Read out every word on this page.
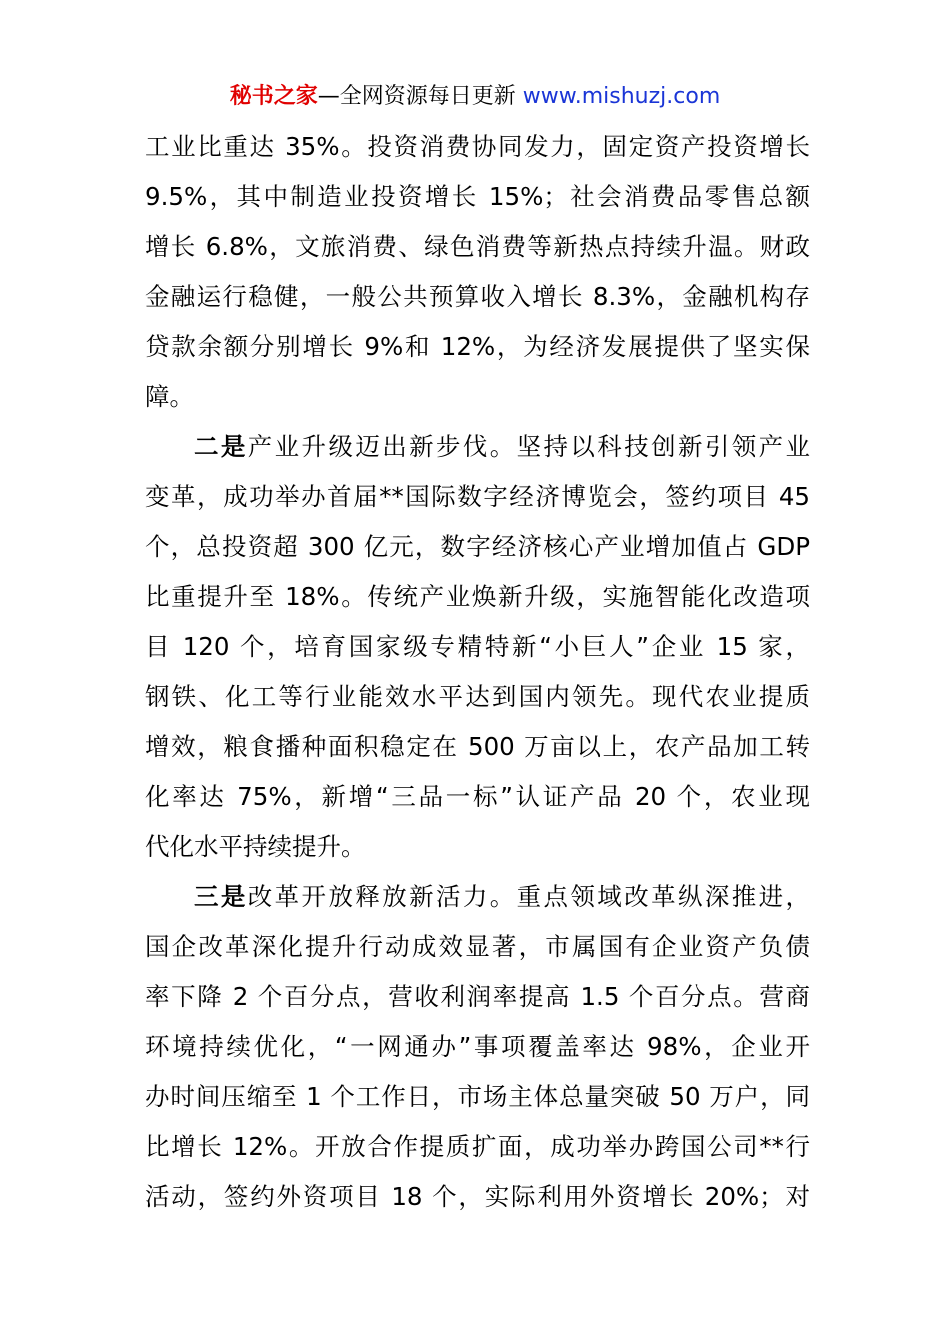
秘书之家—全网资源每日更新 www.mishuzj.com
工业比重达 35%。投资消费协同发力，固定资产投资增长
9.5%，其中制造业投资增长 15%；社会消费品零售总额
增长 6.8%，文旅消费、绿色消费等新热点持续升温。财政
金融运行稳健，一般公共预算收入增长 8.3%，金融机构存
贷款余额分别增长 9%和 12%，为经济发展提供了坚实保
障。
二是产业升级迈出新步伐。坚持以科技创新引领产业
变革，成功举办首届**国际数字经济博览会，签约项目 45
个，总投资超 300 亿元，数字经济核心产业增加值占 GDP
比重提升至 18%。传统产业焕新升级，实施智能化改造项
目 120 个，培育国家级专精特新“小巨人”企业 15 家，
钢铁、化工等行业能效水平达到国内领先。现代农业提质
增效，粮食播种面积稳定在 500 万亩以上，农产品加工转
化率达 75%，新增“三品一标”认证产品 20 个，农业现
代化水平持续提升。
三是改革开放释放新活力。重点领域改革纵深推进，
国企改革深化提升行动成效显著，市属国有企业资产负债
率下降 2 个百分点，营收利润率提高 1.5 个百分点。营商
环境持续优化，“一网通办”事项覆盖率达 98%，企业开
办时间压缩至 1 个工作日，市场主体总量突破 50 万户，同
比增长 12%。开放合作提质扩面，成功举办跨国公司**行
活动，签约外资项目 18 个，实际利用外资增长 20%；对
